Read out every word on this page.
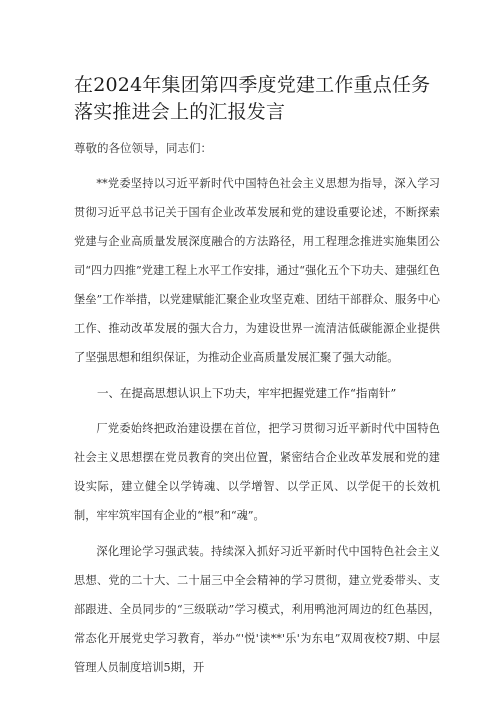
在2024年集团第四季度党建工作重点任务落实推进会上的汇报发言

尊敬的各位领导，同志们：

**党委坚持以习近平新时代中国特色社会主义思想为指导，深入学习贯彻习近平总书记关于国有企业改革发展和党的建设重要论述，不断探索党建与企业高质量发展深度融合的方法路径，用工程理念推进实施集团公司“四力四推”党建工程上水平工作安排，通过“强化五个下功夫、建强红色堡垒”工作举措，以党建赋能汇聚企业攻坚克难、团结干部群众、服务中心工作、推动改革发展的强大合力，为建设世界一流清洁低碳能源企业提供了坚强思想和组织保证，为推动企业高质量发展汇聚了强大动能。

一、在提高思想认识上下功夫，牢牢把握党建工作“指南针”

厂党委始终把政治建设摆在首位，把学习贯彻习近平新时代中国特色社会主义思想摆在党员教育的突出位置，紧密结合企业改革发展和党的建设实际，建立健全以学铸魂、以学增智、以学正风、以学促干的长效机制，牢牢筑牢国有企业的“根”和“魂”。

深化理论学习强武装。持续深入抓好习近平新时代中国特色社会主义思想、党的二十大、二十届三中全会精神的学习贯彻，建立党委带头、支部跟进、全员同步的“三级联动”学习模式，利用鸭池河周边的红色基因，常态化开展党史学习教育，举办“'悦'读**'乐'为东电”双周夜校7期、中层管理人员制度培训5期，开
